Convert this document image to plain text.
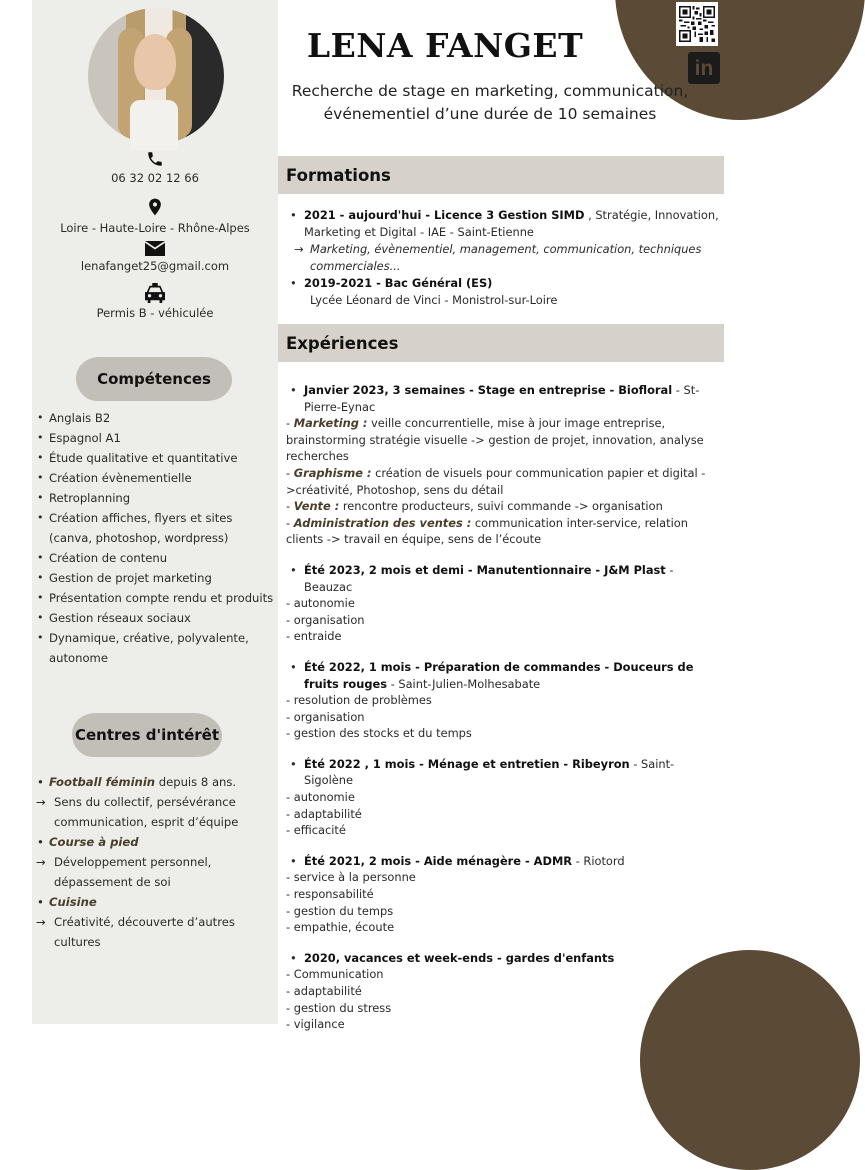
06 32 02 12 66
Loire - Haute-Loire - Rhône-Alpes
lenafanget25@gmail.com
Permis B - véhiculée
Compétences
• Anglais B2
• Espagnol A1
• Étude qualitative et quantitative
• Création évènementielle
• Retroplanning
• Création affiches, flyers et sites (canva, photoshop, wordpress)
• Création de contenu
• Gestion de projet marketing
• Présentation compte rendu et produits
• Gestion réseaux sociaux
• Dynamique, créative, polyvalente, autonome
Centres d'intérêt
• Football féminin depuis 8 ans.
→ Sens du collectif, persévérance communication, esprit d’équipe
• Course à pied
→ Développement personnel, dépassement de soi
• Cuisine
→ Créativité, découverte d’autres cultures
in
LENA FANGET

Recherche de stage en marketing, communication, événementiel d’une durée de 10 semaines

Formations
• 2021 - aujourd'hui - Licence 3 Gestion SIMD , Stratégie, Innovation, Marketing et Digital - IAE - Saint-Etienne
→ Marketing, évènementiel, management, communication, techniques commerciales...
• 2019-2021 - Bac Général (ES)
Lycée Léonard de Vinci - Monistrol-sur-Loire
Expériences
• Janvier 2023, 3 semaines - Stage en entreprise - Biofloral - St-Pierre-Eynac
- Marketing : veille concurrentielle, mise à jour image entreprise, brainstorming stratégie visuelle -> gestion de projet, innovation, analyse recherches
- Graphisme : création de visuels pour communication papier et digital ->créativité, Photoshop, sens du détail
- Vente : rencontre producteurs, suivi commande -> organisation
- Administration des ventes : communication inter-service, relation clients -> travail en équipe, sens de l’écoute
• Été 2023, 2 mois et demi - Manutentionnaire - J&M Plast - Beauzac
- autonomie
- organisation
- entraide
• Été 2022, 1 mois - Préparation de commandes - Douceurs de fruits rouges - Saint-Julien-Molhesabate
- resolution de problèmes
- organisation
- gestion des stocks et du temps
• Été 2022 , 1 mois - Ménage et entretien - Ribeyron - Saint-Sigolène
- autonomie
- adaptabilité
- efficacité
• Été 2021, 2 mois - Aide ménagère - ADMR - Riotord
- service à la personne
- responsabilité
- gestion du temps
- empathie, écoute
• 2020, vacances et week-ends - gardes d'enfants
- Communication
- adaptabilité
- gestion du stress
- vigilance
